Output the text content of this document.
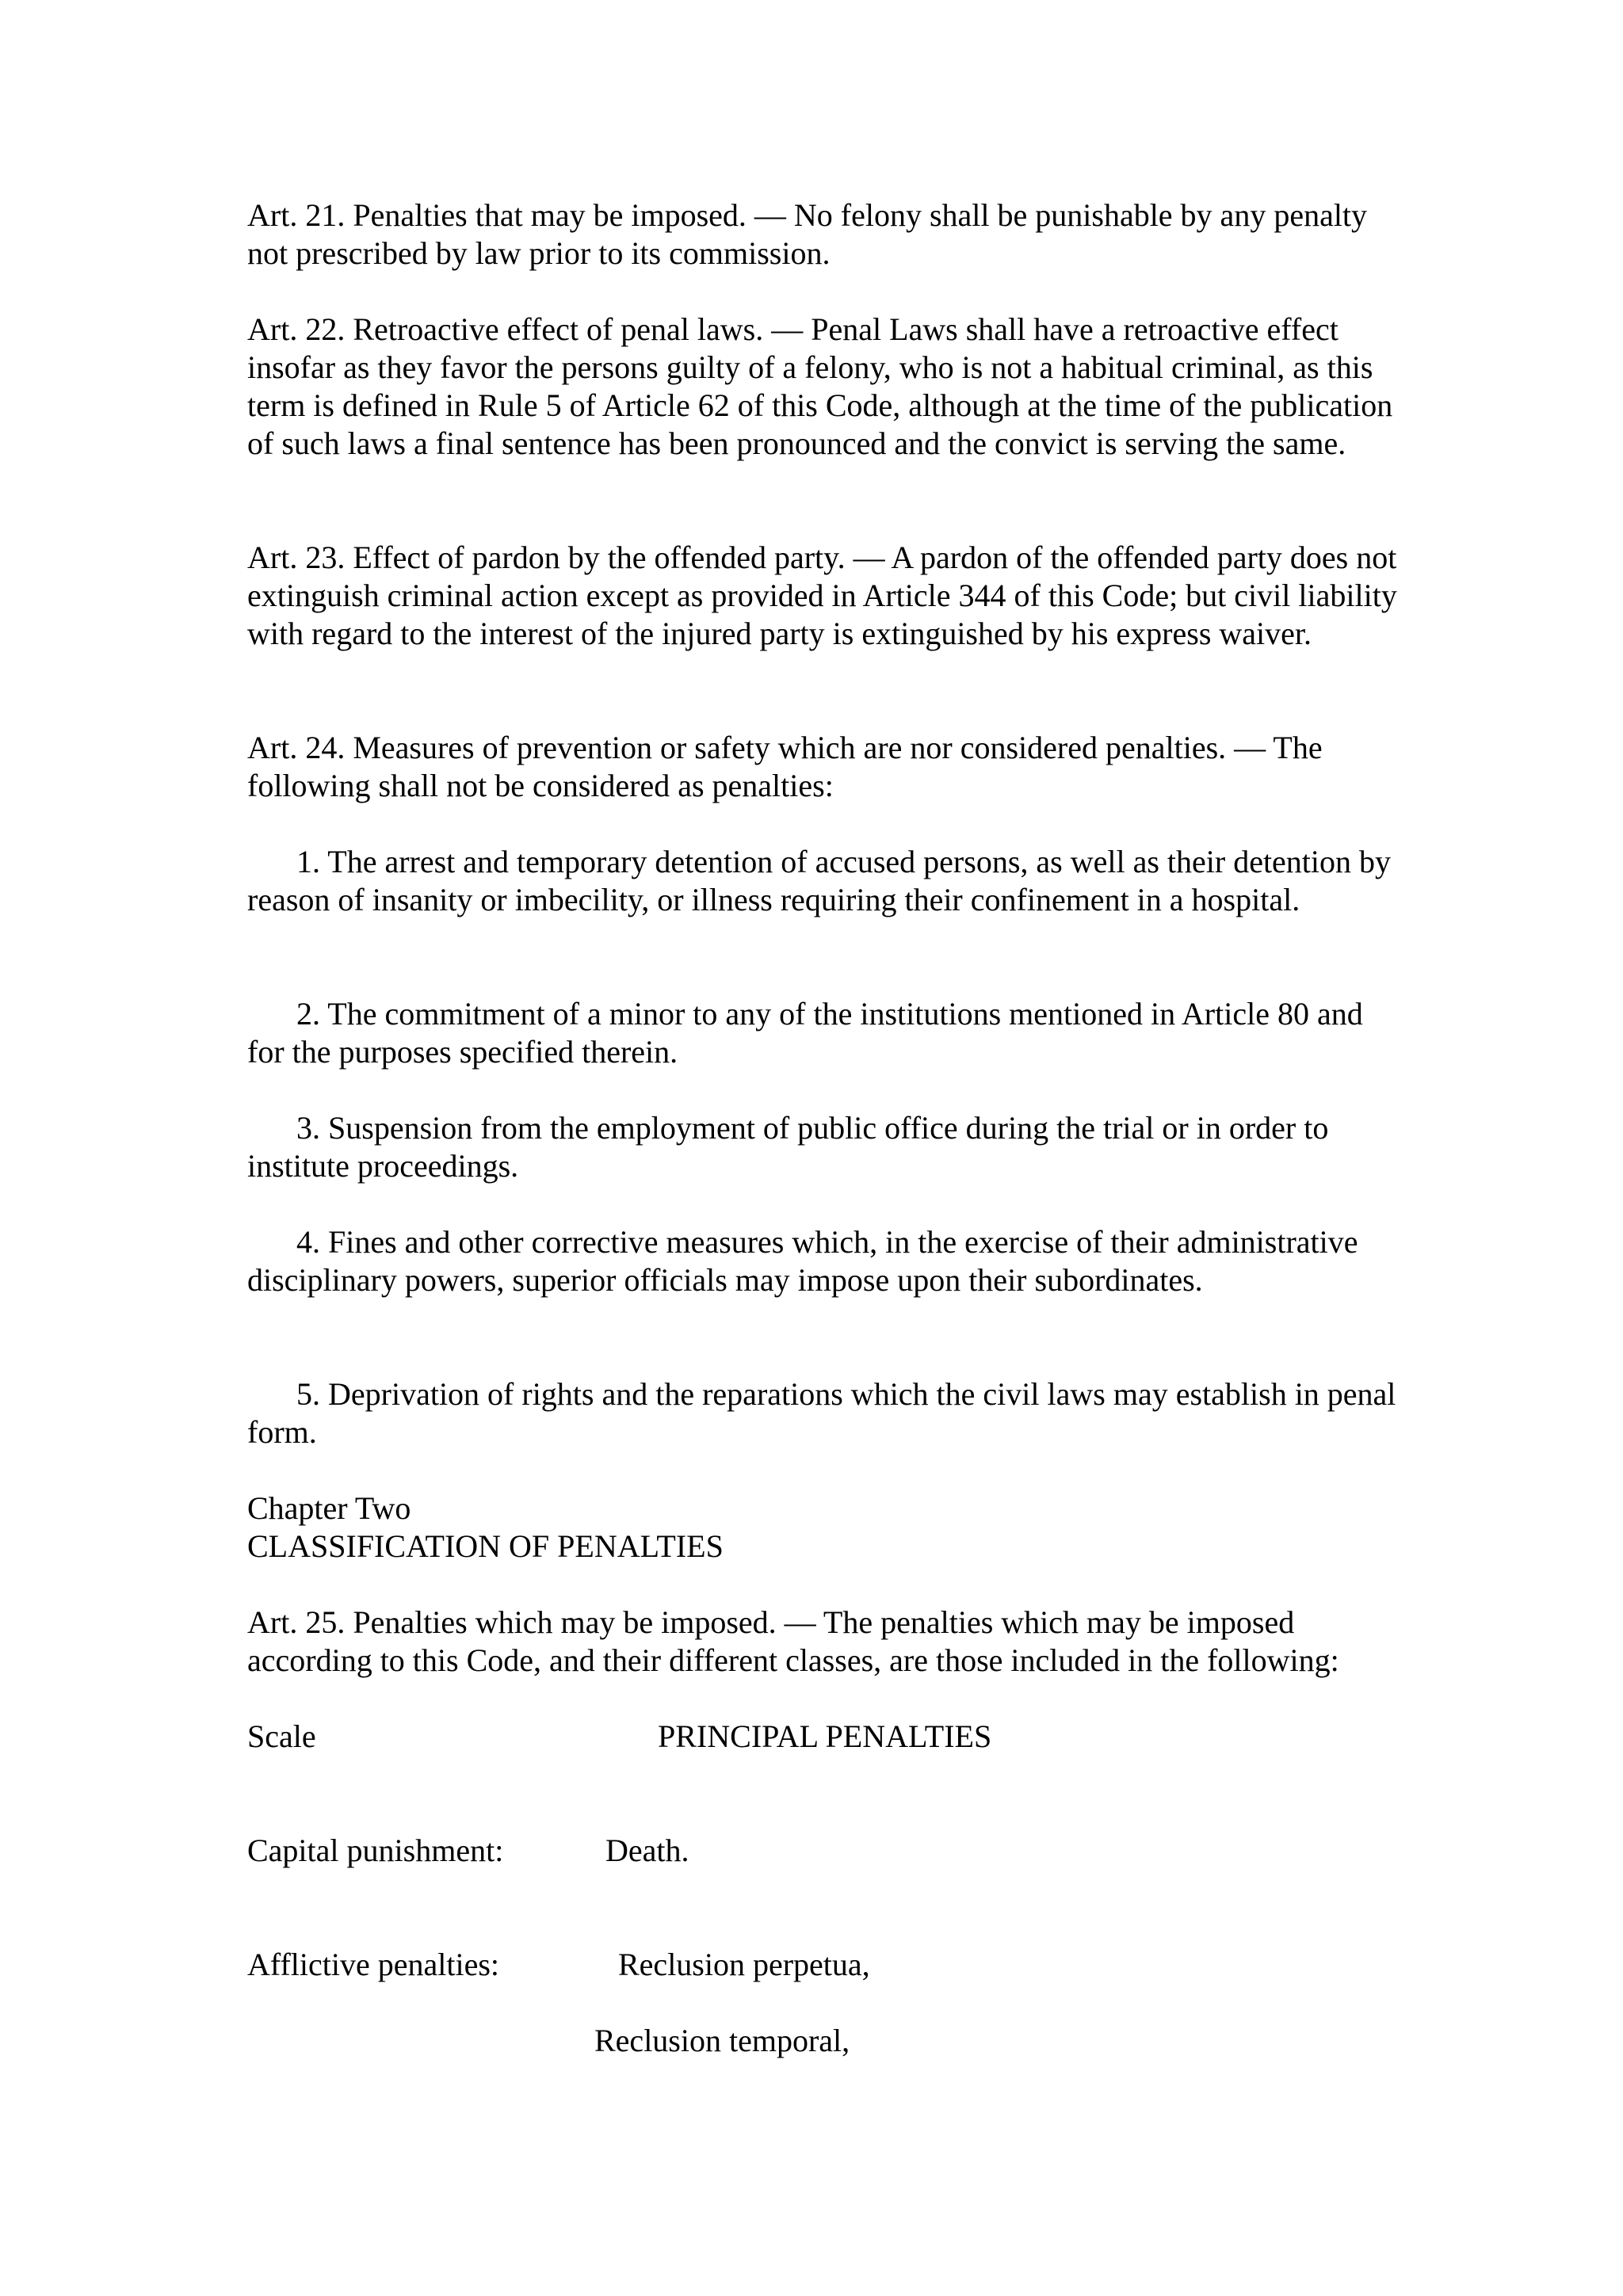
Art. 21. Penalties that may be imposed. — No felony shall be punishable by any penalty not prescribed by law prior to its commission.

Art. 22. Retroactive effect of penal laws. — Penal Laws shall have a retroactive effect insofar as they favor the persons guilty of a felony, who is not a habitual criminal, as this term is defined in Rule 5 of Article 62 of this Code, although at the time of the publication of such laws a final sentence has been pronounced and the convict is serving the same.

Art. 23. Effect of pardon by the offended party. — A pardon of the offended party does not extinguish criminal action except as provided in Article 344 of this Code; but civil liability with regard to the interest of the injured party is extinguished by his express waiver.

Art. 24. Measures of prevention or safety which are nor considered penalties. — The following shall not be considered as penalties:

1. The arrest and temporary detention of accused persons, as well as their detention by reason of insanity or imbecility, or illness requiring their confinement in a hospital.

2. The commitment of a minor to any of the institutions mentioned in Article 80 and for the purposes specified therein.

3. Suspension from the employment of public office during the trial or in order to institute proceedings.

4. Fines and other corrective measures which, in the exercise of their administrative disciplinary powers, superior officials may impose upon their subordinates.

5. Deprivation of rights and the reparations which the civil laws may establish in penal form.

Chapter Two

CLASSIFICATION OF PENALTIES

Art. 25. Penalties which may be imposed. — The penalties which may be imposed according to this Code, and their different classes, are those included in the following:

Scale	PRINCIPAL PENALTIES
Capital punishment:	Death.
Afflictive penalties:	Reclusion perpetua,
Reclusion temporal,
